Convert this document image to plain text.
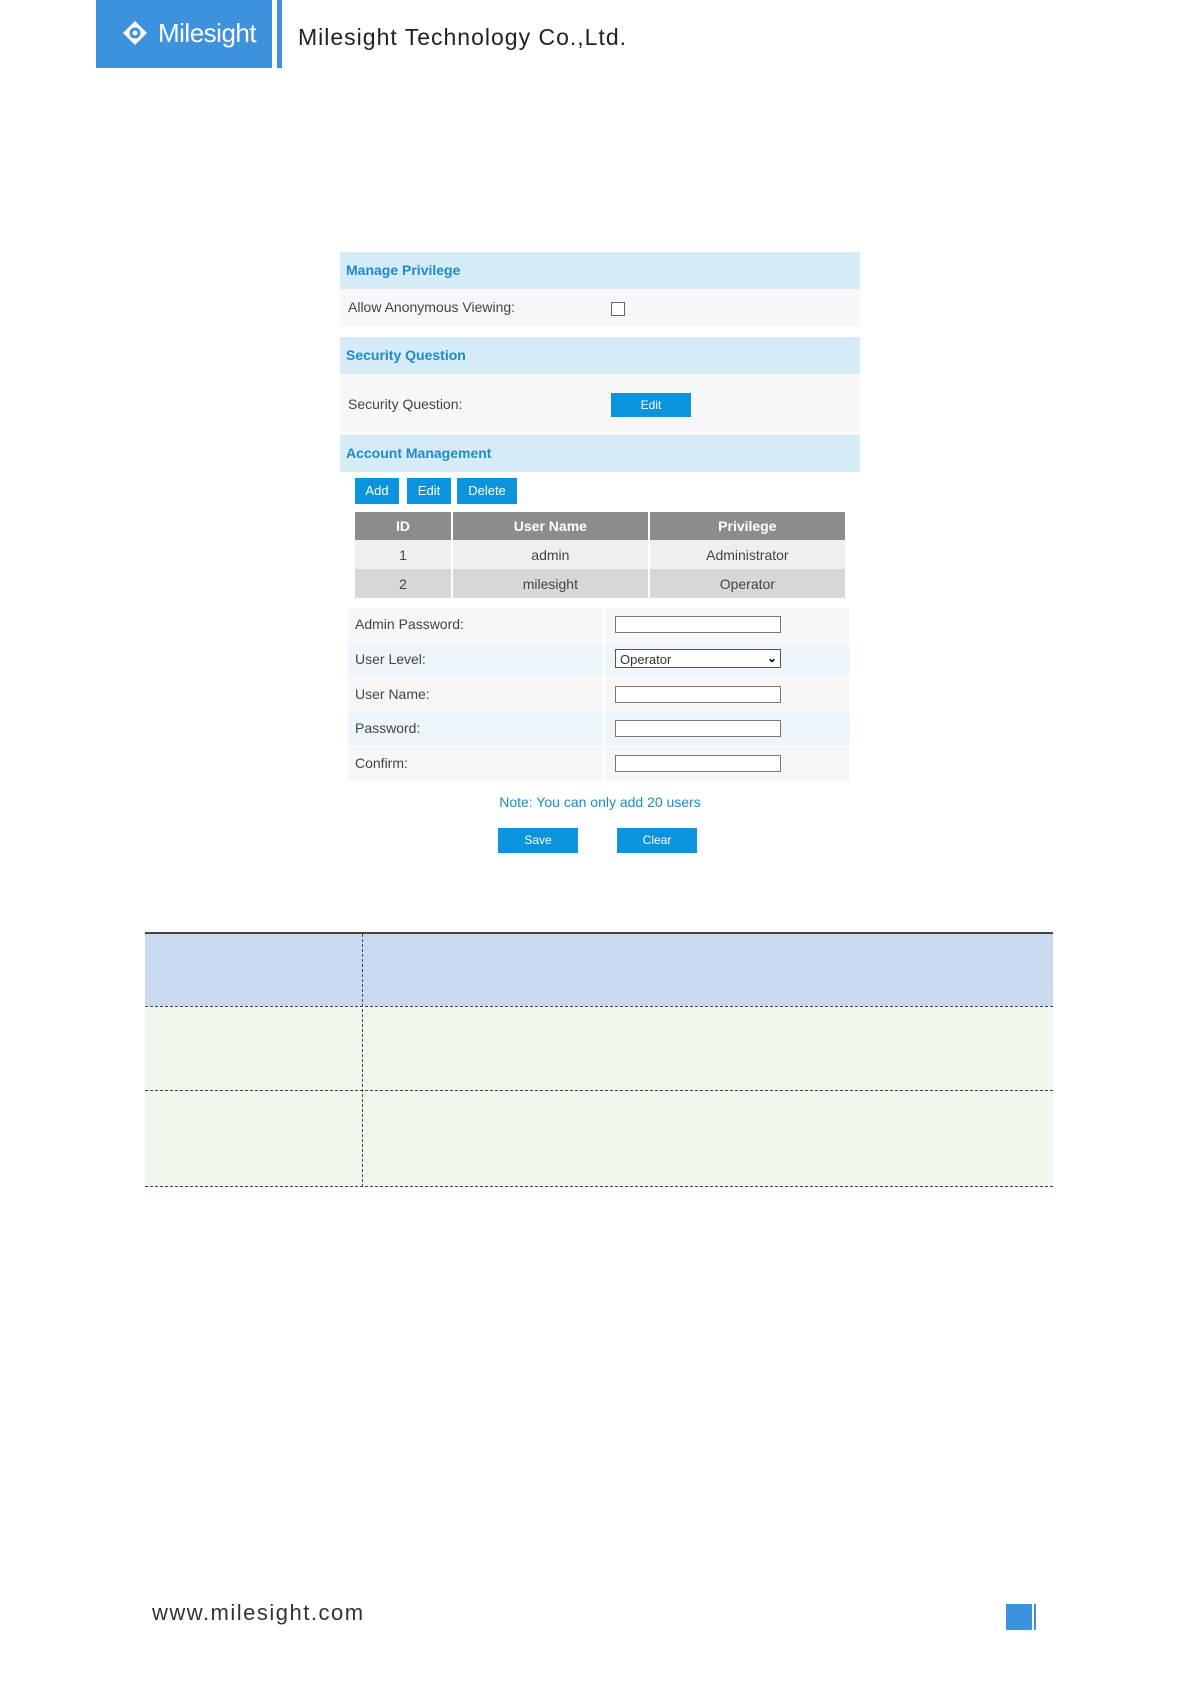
Milesight Milesight Technology Co.,Ltd.
Manage Privilege
Allow Anonymous Viewing:
Security Question
Security Question:	Edit
Account Management
Add	Edit	Delete
ID	User Name	Privilege
1	admin	Administrator
2	milesight	Operator
Admin Password:
User Level:	Operator	⌄
User Name:
Password:
Confirm:
Note: You can only add 20 users
Save	Clear
www.milesight.com
